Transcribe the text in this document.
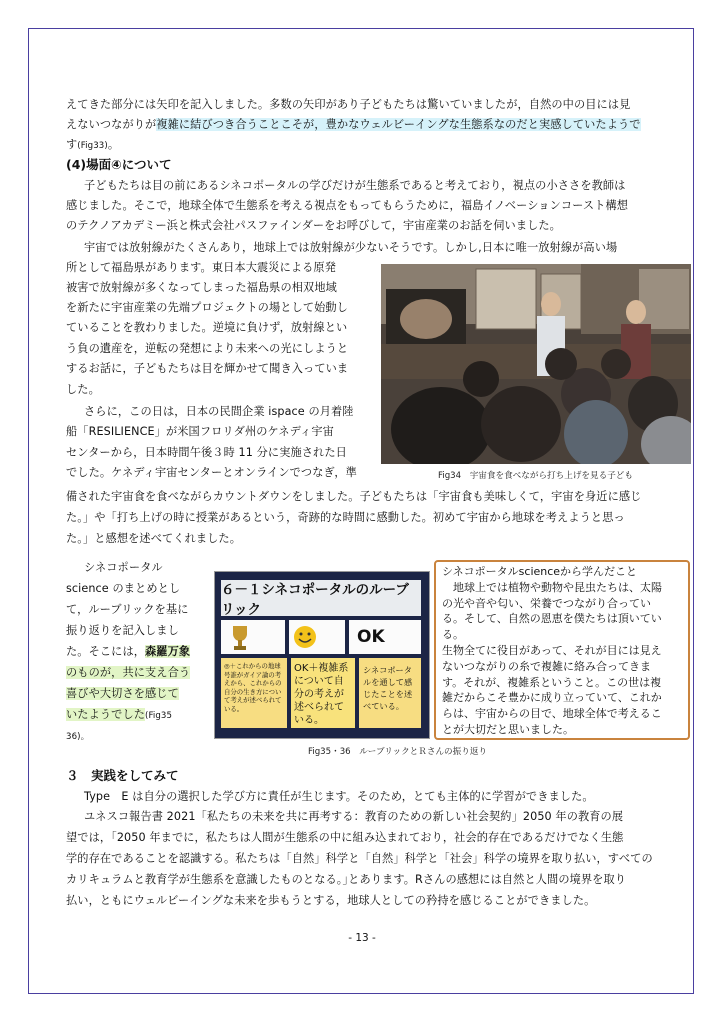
えてきた部分には矢印を記入しました。多数の矢印があり子どもたちは驚いていましたが，自然の中の目には見

えないつながりが複雑に結びつき合うことこそが，豊かなウェルビーイングな生態系なのだと実感していたようで

す(Fig33)。

(4)場面④について

子どもたちは目の前にあるシネコポータルの学びだけが生態系であると考えており，視点の小ささを教師は

感じました。そこで，地球全体で生態系を考える視点をもってもらうために，福島イノベーションコースト構想

のテクノアカデミー浜と株式会社パスファインダーをお呼びして，宇宙産業のお話を伺いました。

宇宙では放射線がたくさんあり，地球上では放射線が少ないそうです。しかし,日本に唯一放射線が高い場

所として福島県があります。東日本大震災による原発

被害で放射線が多くなってしまった福島県の相双地域

を新たに宇宙産業の先端プロジェクトの場として始動し

ていることを教わりました。逆境に負けず，放射線とい

う負の遺産を，逆転の発想により未来への光にしようと

するお話に，子どもたちは目を輝かせて聞き入っていま

した。

さらに，この日は，日本の民間企業 ispace の月着陸

船「RESILIENCE」が米国フロリダ州のケネディ宇宙

センターから，日本時間午後３時 11 分に実施された日

でした。ケネディ宇宙センターとオンラインでつなぎ，準

備された宇宙食を食べながらカウントダウンをしました。子どもたちは「宇宙食も美味しくて，宇宙を身近に感じ

た。」や「打ち上げの時に授業があるという，奇跡的な時間に感動した。初めて宇宙から地球を考えようと思っ

た。」と感想を述べてくれました。

Fig34　宇宙食を食べながら打ち上げを見る子ども

シネコポータル

science のまとめとし

て，ルーブリックを基に

振り返りを記入しまし

た。そこには，森羅万象

のものが，共に支え合う

喜びや大切さを感じて

いたようでした(Fig35

36)。

６－１シネコポータルのルーブリック
OK
◎＋これからの地球号誰がガイア論の考えから、これからの自分の生き方について考えが述べられている。
OK＋複雑系について自分の考えが述べられている。
シネコポータルを通して感じたことを述べている。
シネコポータルscienceから学んだこと
　地球上では植物や動物や昆虫たちは、太陽
の光や音や匂い、栄養でつながり合ってい
る。そして、自然の恩恵を僕たちは頂いてい
る。
生物全てに役目があって、それが目には見え
ないつながりの糸で複雑に絡み合ってきま
す。それが、複雑系ということ。この世は複
雑だからこそ豊かに成り立っていて、これか
らは、宇宙からの目で、地球全体で考えるこ
とが大切だと思いました。
Fig35・36　ルーブリックとＲさんの振り返り
３　実践をしてみて

Type　E は自分の選択した学び方に責任が生じます。そのため，とても主体的に学習ができました。

ユネスコ報告書 2021「私たちの未来を共に再考する：教育のための新しい社会契約」2050 年の教育の展

望では，｢2050 年までに，私たちは人間が生態系の中に組み込まれており，社会的存在であるだけでなく生態

学的存在であることを認識する。私たちは「自然」科学と「自然」科学と「社会」科学の境界を取り払い，すべての

カリキュラムと教育学が生態系を意識したものとなる。｣とあります。Rさんの感想には自然と人間の境界を取り

払い，ともにウェルビーイングな未来を歩もうとする，地球人としての矜持を感じることができました。

- 13 -
